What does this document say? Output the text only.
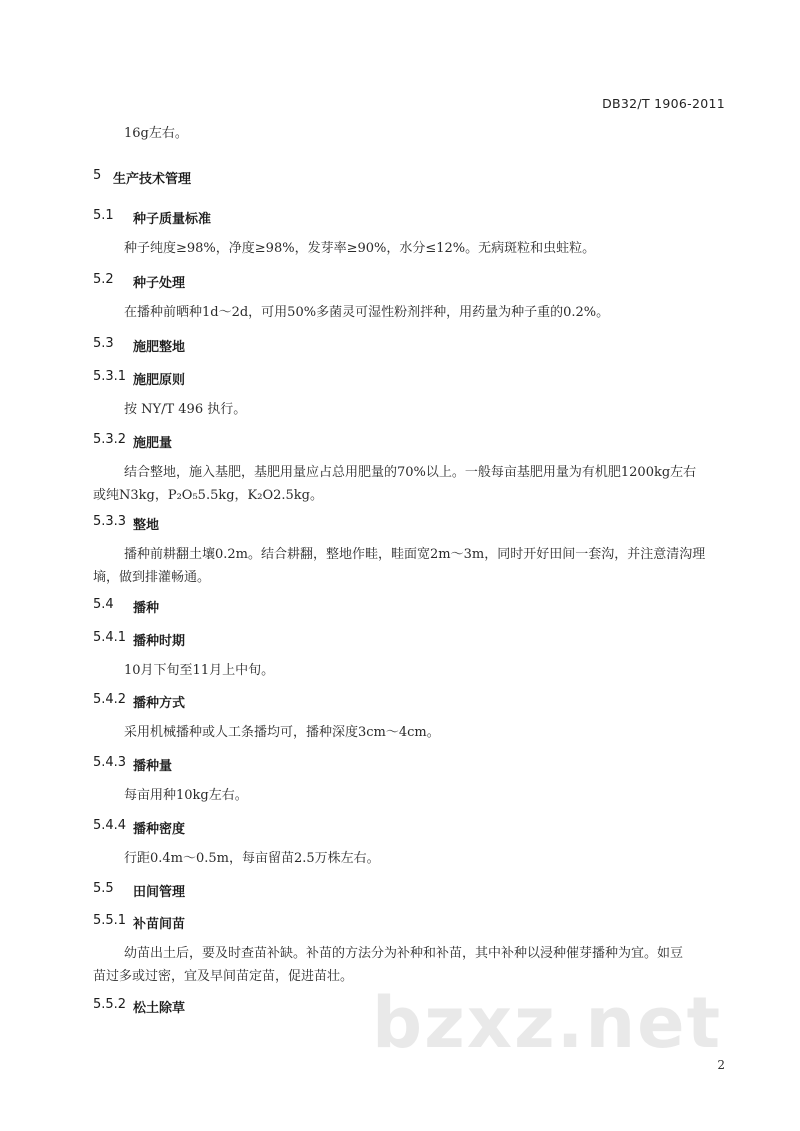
DB32/T 1906-2011
16g左右。
5 生产技术管理
5.1 种子质量标准
种子纯度≥98%，净度≥98%，发芽率≥90%，水分≤12%。无病斑粒和虫蛀粒。
5.2 种子处理
在播种前晒种1d～2d，可用50%多菌灵可湿性粉剂拌种，用药量为种子重的0.2%。
5.3 施肥整地
5.3.1 施肥原则
按 NY/T 496 执行。
5.3.2 施肥量
结合整地，施入基肥，基肥用量应占总用肥量的70%以上。一般每亩基肥用量为有机肥1200kg左右
或纯N3kg，P₂O₅5.5kg，K₂O2.5kg。
5.3.3 整地
播种前耕翻土壤0.2m。结合耕翻，整地作畦，畦面宽2m～3m，同时开好田间一套沟，并注意清沟理
墒，做到排灌畅通。
5.4 播种
5.4.1 播种时期
10月下旬至11月上中旬。
5.4.2 播种方式
采用机械播种或人工条播均可，播种深度3cm～4cm。
5.4.3 播种量
每亩用种10kg左右。
5.4.4 播种密度
行距0.4m～0.5m，每亩留苗2.5万株左右。
5.5 田间管理
5.5.1 补苗间苗
幼苗出土后，要及时查苗补缺。补苗的方法分为补种和补苗，其中补种以浸种催芽播种为宜。如豆
苗过多或过密，宜及早间苗定苗，促进苗壮。
5.5.2 松土除草	bzxz.net
2
